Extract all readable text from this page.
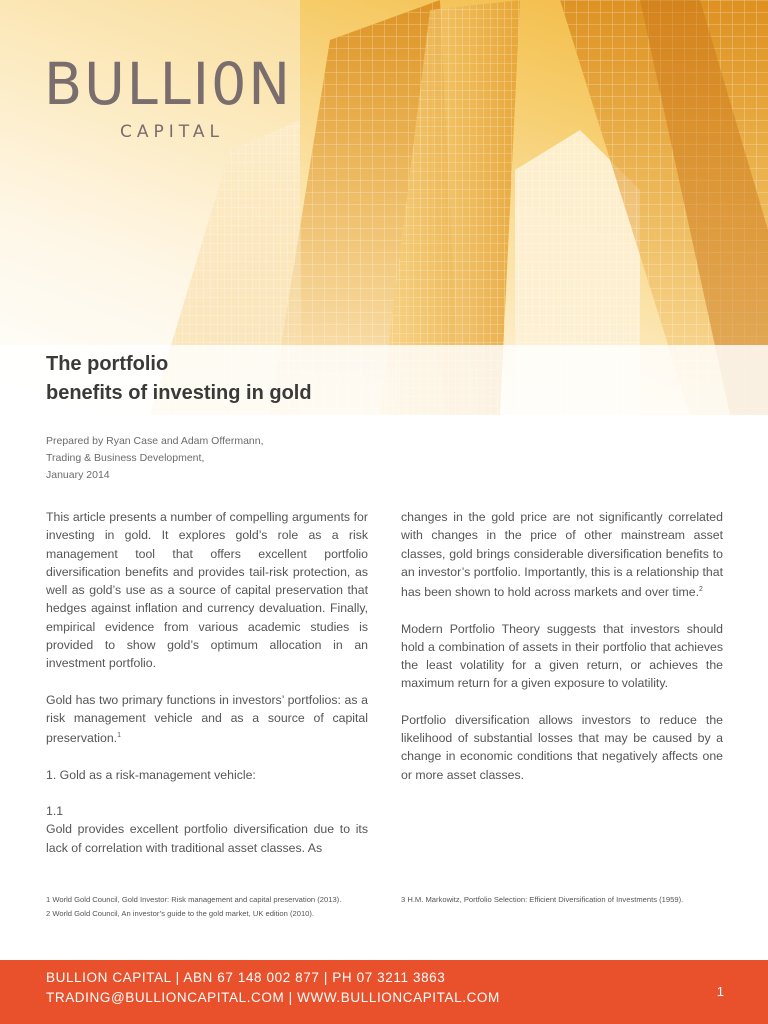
BULLI0N
CAPITAL
The portfolio
benefits of investing in gold
Prepared by Ryan Case and Adam Offermann,
Trading & Business Development,
January 2014

This article presents a number of compelling arguments for investing in gold. It explores gold’s role as a risk management tool that offers excellent portfolio diversification benefits and provides tail-risk protection, as well as gold’s use as a source of capital preservation that hedges against inflation and currency devaluation. Finally, empirical evidence from various academic studies is provided to show gold’s optimum allocation in an investment portfolio.

Gold has two primary functions in investors’ portfolios: as a risk management vehicle and as a source of capital preservation.$^1$

1. Gold as a risk-management vehicle:

1.1
Gold provides excellent portfolio diversification due to its lack of correlation with traditional asset classes. As

changes in the gold price are not significantly correlated with changes in the price of other mainstream asset classes, gold brings considerable diversification benefits to an investor’s portfolio. Importantly, this is a relationship that has been shown to hold across markets and over time.$^2$

Modern Portfolio Theory suggests that investors should hold a combination of assets in their portfolio that achieves the least volatility for a given return, or achieves the maximum return for a given exposure to volatility.

Portfolio diversification allows investors to reduce the likelihood of substantial losses that may be caused by a change in economic conditions that negatively affects one or more asset classes.

1 World Gold Council, Gold Investor: Risk management and capital preservation (2013).
2 World Gold Council, An investor’s guide to the gold market, UK edition (2010).
3 H.M. Markowitz, Portfolio Selection: Efficient Diversification of Investments (1959).
BULLION CAPITAL | ABN 67 148 002 877 | PH 07 3211 3863
TRADING@BULLIONCAPITAL.COM | WWW.BULLIONCAPITAL.COM	1
